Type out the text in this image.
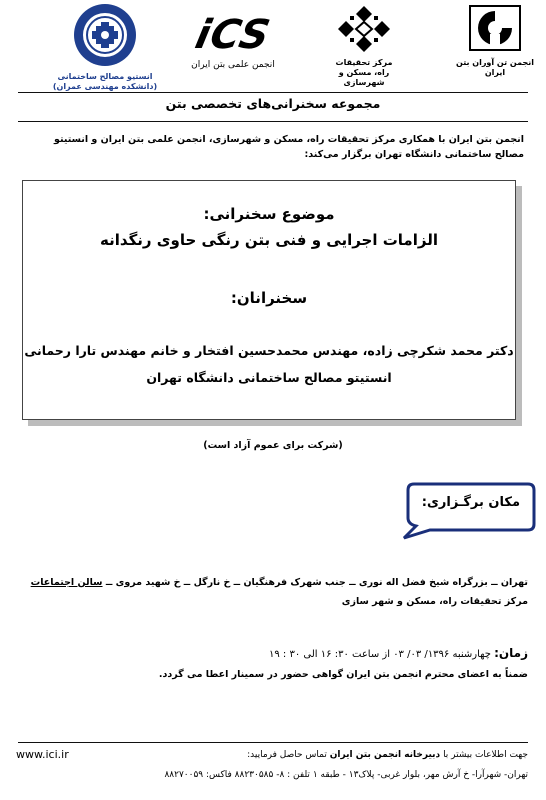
انجمن تن آوران بتن ایران
مرکز تحقیقات
راه، مسکن و شهرسازی
iCS
انجمن علمی بتن ایران
انستیو مصالح ساختمانی
(دانشکده مهندسی عمران)
مجموعه سخنرانی‌های تخصصی بتن
انجمن بتن ایران با همکاری مرکز تحقیقات راه، مسکن و شهرسازی، انجمن علمی بتن ایران و انستیتو مصالح ساختمانی دانشگاه تهران برگزار می‌کند:
موضوع سخنرانی:
الزامات اجرایی و فنی بتن رنگی حاوی رنگدانه
سخنرانان:
دکتر محمد شکرچی زاده، مهندس محمدحسین افتخار و خانم مهندس تارا رحمانی
انستیتو مصالح ساختمانی دانشگاه تهران
(شرکت برای عموم آزاد است)
مکان برگـزاری:
تهران ــ بزرگراه شیخ فضل اله نوری ــ جنب شهرک فرهنگیان ــ خ نارگل ــ خ شهید مروی ــ سالن اجتماعات
مرکز تحقیقات راه، مسکن و شهر سازی
زمان: چهارشنبه ۱۳۹۶/ ۰۳/ ۰۳ از ساعت ۳۰: ۱۶ الی ۳۰ : ۱۹
ضمناً به اعضای محترم انجمن بتن ایران گواهی حضور در سمینار اعطا می گردد.
جهت اطلاعات بیشتر با دبیرخانه انجمن بتن ایران تماس حاصل فرمایید:
www.ici.ir
تهران- شهرآرا- خ آرش مهر، بلوار غربی- پلاک۱۳ - طبقه ۱ تلفن : ۸- ۸۸۲۳۰۵۸۵ فاکس: ۸۸۲۷۰۰۵۹
